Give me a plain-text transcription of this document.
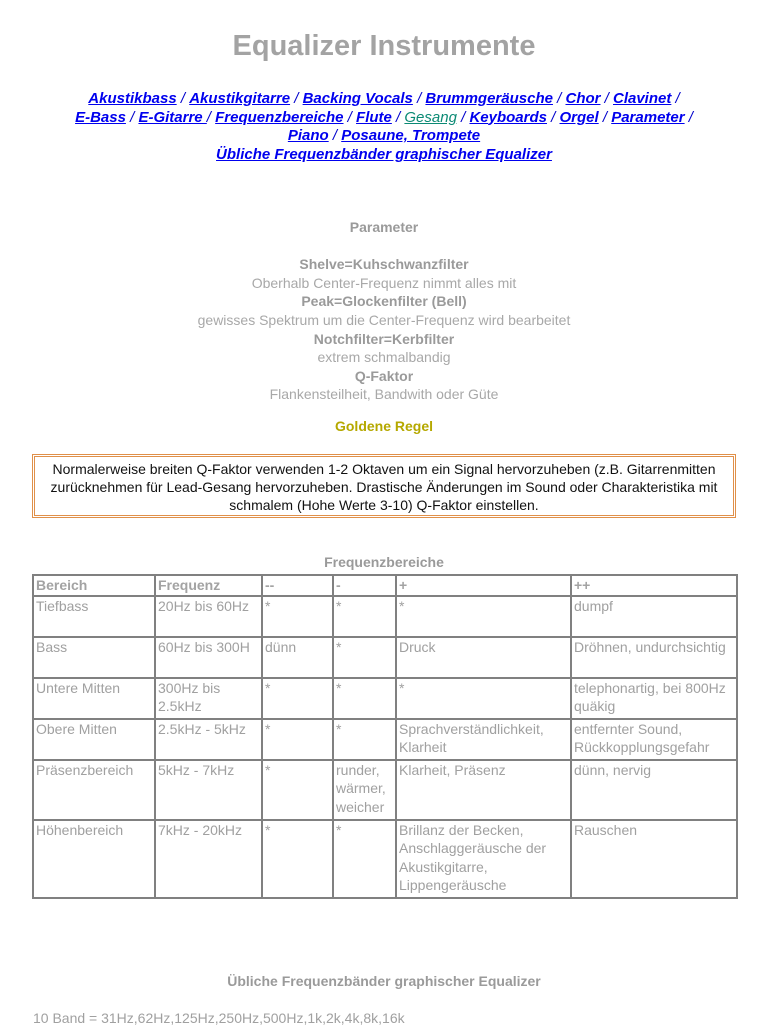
Equalizer Instrumente
Akustikbass / Akustikgitarre / Backing Vocals / Brummgeräusche / Chor / Clavinet /
E-Bass / E-Gitarre / Frequenzbereiche / Flute / Gesang / Keyboards / Orgel / Parameter /
Piano / Posaune, Trompete
Übliche Frequenzbänder graphischer Equalizer
Parameter
Shelve=Kuhschwanzfilter
Oberhalb Center-Frequenz nimmt alles mit
Peak=Glockenfilter (Bell)
gewisses Spektrum um die Center-Frequenz wird bearbeitet
Notchfilter=Kerbfilter
extrem schmalbandig
Q-Faktor
Flankensteilheit, Bandwith oder Güte
Goldene Regel
Normalerweise breiten Q-Faktor verwenden 1-2 Oktaven um ein Signal hervorzuheben (z.B. Gitarrenmitten zurücknehmen für Lead-Gesang hervorzuheben. Drastische Änderungen im Sound oder Charakteristika mit schmalem (Hohe Werte 3-10) Q-Faktor einstellen.
Frequenzbereiche
Bereich	Frequenz	--	-	+	++
Tiefbass	20Hz bis 60Hz	*	*	*	dumpf
Bass	60Hz bis 300H	dünn	*	Druck	Dröhnen, undurchsichtig
Untere Mitten	300Hz bis 2.5kHz	*	*	*	telephonartig, bei 800Hz quäkig
Obere Mitten	2.5kHz - 5kHz	*	*	Sprachverständlichkeit, Klarheit	entfernter Sound, Rückkopplungsgefahr
Präsenzbereich	5kHz - 7kHz	*	runder, wärmer, weicher	Klarheit, Präsenz	dünn, nervig
Höhenbereich	7kHz - 20kHz	*	*	Brillanz der Becken, Anschlaggeräusche der Akustikgitarre, Lippengeräusche	Rauschen
Übliche Frequenzbänder graphischer Equalizer
10 Band = 31Hz,62Hz,125Hz,250Hz,500Hz,1k,2k,4k,8k,16k
